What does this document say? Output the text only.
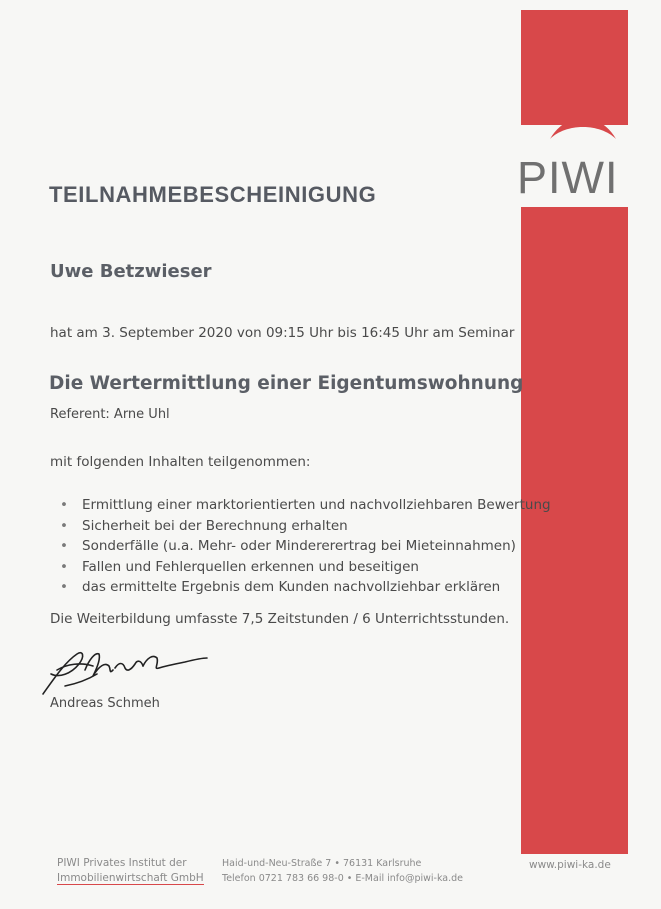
PIWI
TEILNAHMEBESCHEINIGUNG
Uwe Betzwieser
hat am 3. September 2020 von 09:15 Uhr bis 16:45 Uhr am Seminar
Die Wertermittlung einer Eigentumswohnung
Referent: Arne Uhl
mit folgenden Inhalten teilgenommen:
• Ermittlung einer marktorientierten und nachvollziehbaren Bewertung
• Sicherheit bei der Berechnung erhalten
• Sonderfälle (u.a. Mehr- oder Mindererertrag bei Mieteinnahmen)
• Fallen und Fehlerquellen erkennen und beseitigen
• das ermittelte Ergebnis dem Kunden nachvollziehbar erklären
Die Weiterbildung umfasste 7,5 Zeitstunden / 6 Unterrichtsstunden.
Andreas Schmeh
PIWI Privates Institut der
Immobilienwirtschaft GmbH
Haid-und-Neu-Straße 7 • 76131 Karlsruhe
Telefon 0721 783 66 98-0 • E-Mail info@piwi-ka.de
www.piwi-ka.de
